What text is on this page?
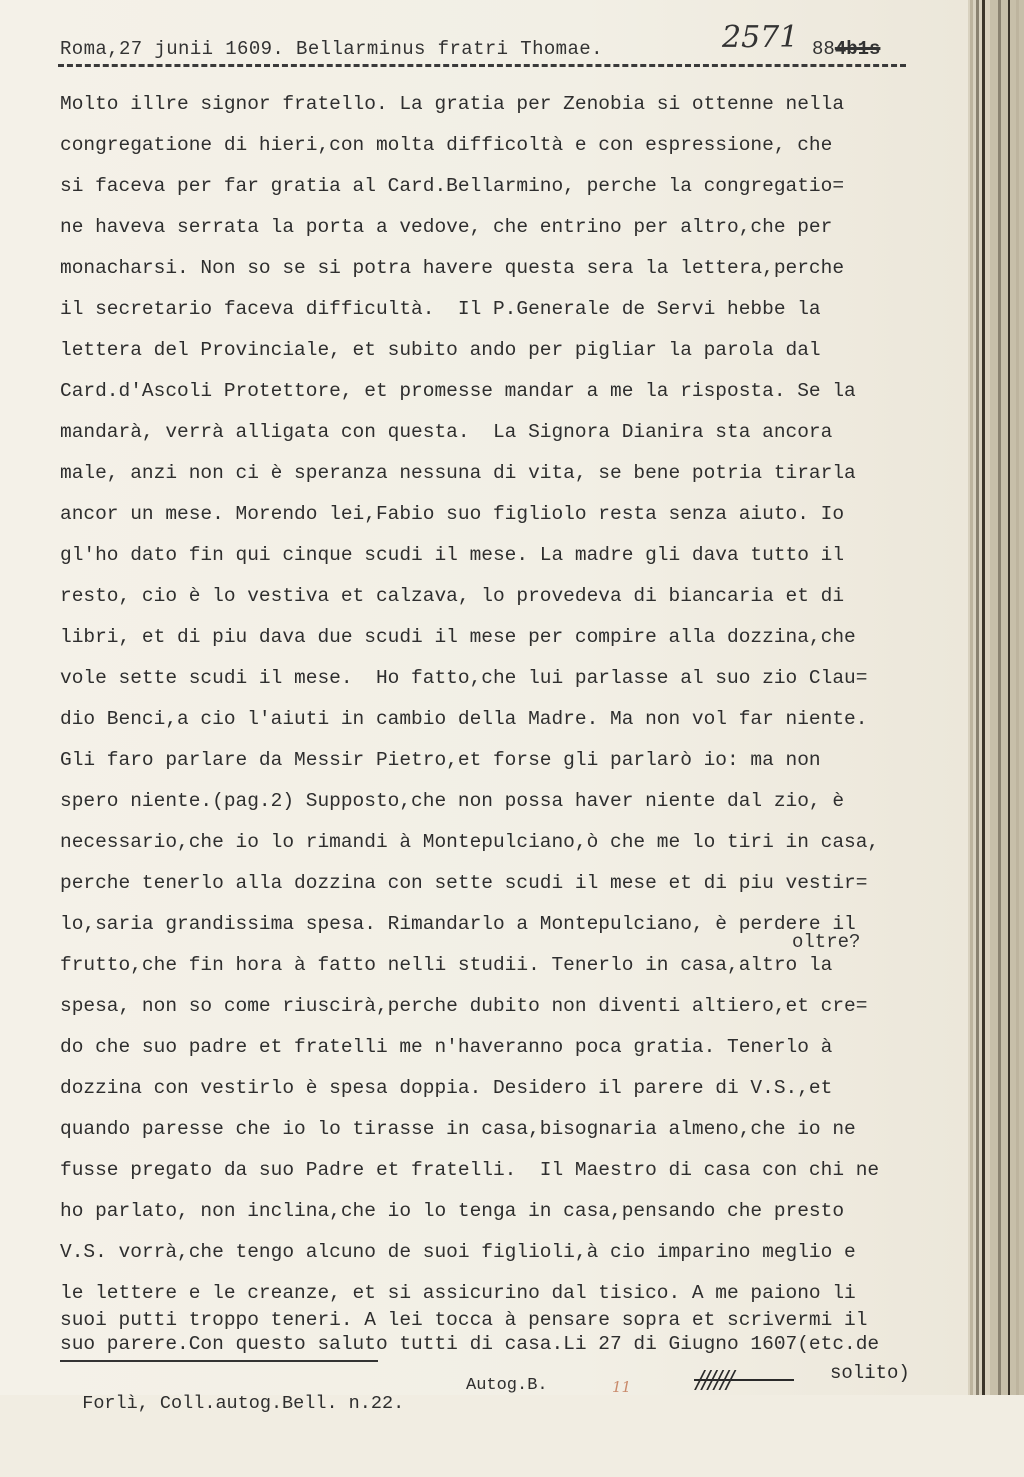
Roma,27 junii 1609. Bellarminus fratri Thomae.	2571 884b1s
Molto illre signor fratello. La gratia per Zenobia si ottenne nella
congregatione di hieri,con molta difficoltà e con espressione, che
si faceva per far gratia al Card.Bellarmino, perche la congregatio=
ne haveva serrata la porta a vedove, che entrino per altro,che per
monacharsi. Non so se si potra havere questa sera la lettera,perche
il secretario faceva difficultà.  Il P.Generale de Servi hebbe la
lettera del Provinciale, et subito ando per pigliar la parola dal
Card.d'Ascoli Protettore, et promesse mandar a me la risposta. Se la
mandarà, verrà alligata con questa.  La Signora Dianira sta ancora
male, anzi non ci è speranza nessuna di vita, se bene potria tirarla
ancor un mese. Morendo lei,Fabio suo figliolo resta senza aiuto. Io
gl'ho dato fin qui cinque scudi il mese. La madre gli dava tutto il
resto, cio è lo vestiva et calzava, lo provedeva di biancaria et di
libri, et di piu dava due scudi il mese per compire alla dozzina,che
vole sette scudi il mese.  Ho fatto,che lui parlasse al suo zio Clau=
dio Benci,a cio l'aiuti in cambio della Madre. Ma non vol far niente.
Gli faro parlare da Messir Pietro,et forse gli parlarò io: ma non
spero niente.(pag.2) Supposto,che non possa haver niente dal zio, è
necessario,che io lo rimandi à Montepulciano,ò che me lo tiri in casa,
perche tenerlo alla dozzina con sette scudi il mese et di piu vestir=
lo,saria grandissima spesa. Rimandarlo a Montepulciano, è perdere il
frutto,che fin hora à fatto nelli studii. Tenerlo in casa,altro la
spesa, non so come riuscirà,perche dubito non diventi altiero,et cre=
do che suo padre et fratelli me n'haveranno poca gratia. Tenerlo à
dozzina con vestirlo è spesa doppia. Desidero il parere di V.S.,et
quando paresse che io lo tirasse in casa,bisognaria almeno,che io ne
fusse pregato da suo Padre et fratelli.  Il Maestro di casa con chi ne
ho parlato, non inclina,che io lo tenga in casa,pensando che presto
V.S. vorrà,che tengo alcuno de suoi figlioli,à cio imparino meglio e
le lettere e le creanze, et si assicurino dal tisico. A me paiono li
suoi putti troppo teneri. A lei tocca à pensare sopra et scrivermi il
suo parere.Con questo saluto tutti di casa.Li 27 di Giugno 1607(etc.de
oltre?

Forlì, Coll.autog.Bell. n.22.

Autog.B.

	11

	//////	solito)
